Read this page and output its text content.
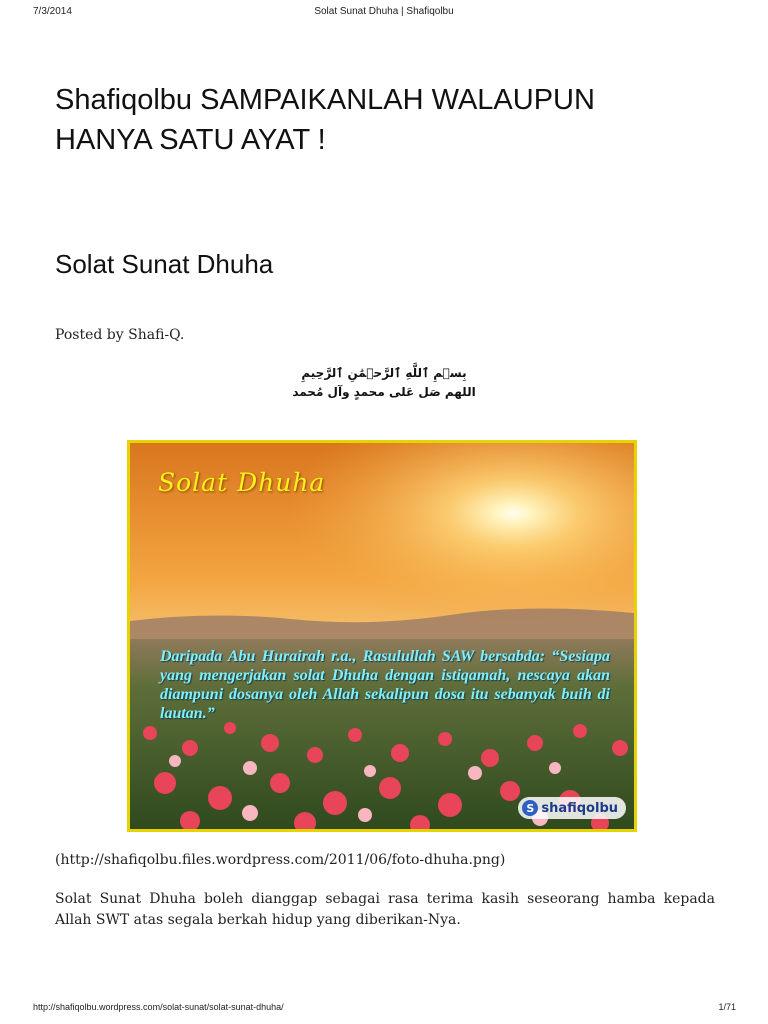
7/3/2014	Solat Sunat Dhuha | Shafiqolbu
Shafiqolbu SAMPAIKANLAH WALAUPUN HANYA SATU AYAT !
Solat Sunat Dhuha
Posted by Shafi-Q.
بِسۡمِ ٱللَّهِ ٱلرَّحۡمَٰنِ ٱلرَّحِيمِ
اللهم صَل عَلى محمدٍ وآل مُحمد
Solat Dhuha
Daripada Abu Hurairah r.a., Rasulullah SAW bersabda: “Sesiapa yang mengerjakan solat Dhuha dengan istiqamah, nescaya akan diampuni dosanya oleh Allah sekalipun dosa itu sebanyak buih di lautan.”
S shafiqolbu
(http://shafiqolbu.files.wordpress.com/2011/06/foto-dhuha.png)

Solat Sunat Dhuha boleh dianggap sebagai rasa terima kasih seseorang hamba kepada Allah SWT atas segala berkah hidup yang diberikan-Nya.

http://shafiqolbu.wordpress.com/solat-sunat/solat-sunat-dhuha/	1/71
